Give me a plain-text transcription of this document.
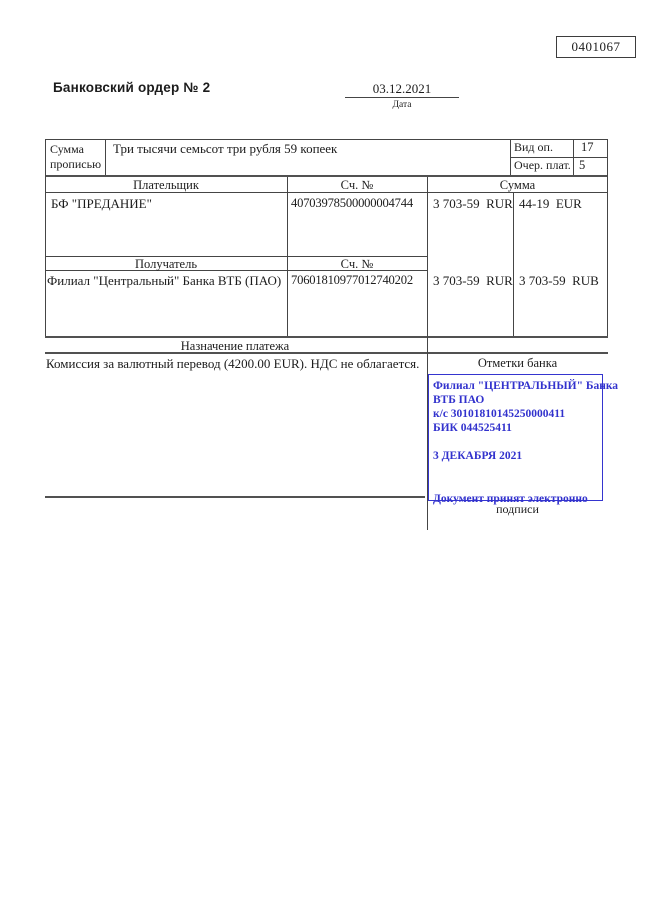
0401067
Банковский ордер № 2	03.12.2021
Дата
Сумма прописью
Три тысячи семьсот три рубля 59 копеек	Вид оп. 17
Очер. плат. 5
Плательщик	Сч. №	Сумма
БФ "ПРЕДАНИЕ"	40703978500000004744	3 703-59  RUR 44-19  EUR
Получатель	Сч. №
Филиал "Центральный" Банка ВТБ (ПАО) 70601810977012740202	3 703-59  RUR 3 703-59  RUB
Назначение платежа
Комиссия за валютный перевод (4200.00 EUR). НДС не облагается.	Отметки банка
Филиал "ЦЕНТРАЛЬНЫЙ" Банка
ВТБ ПАО
к/с 30101810145250000411
БИК 044525411
3 ДЕКАБРЯ 2021
Документ принят электронно
подписи
